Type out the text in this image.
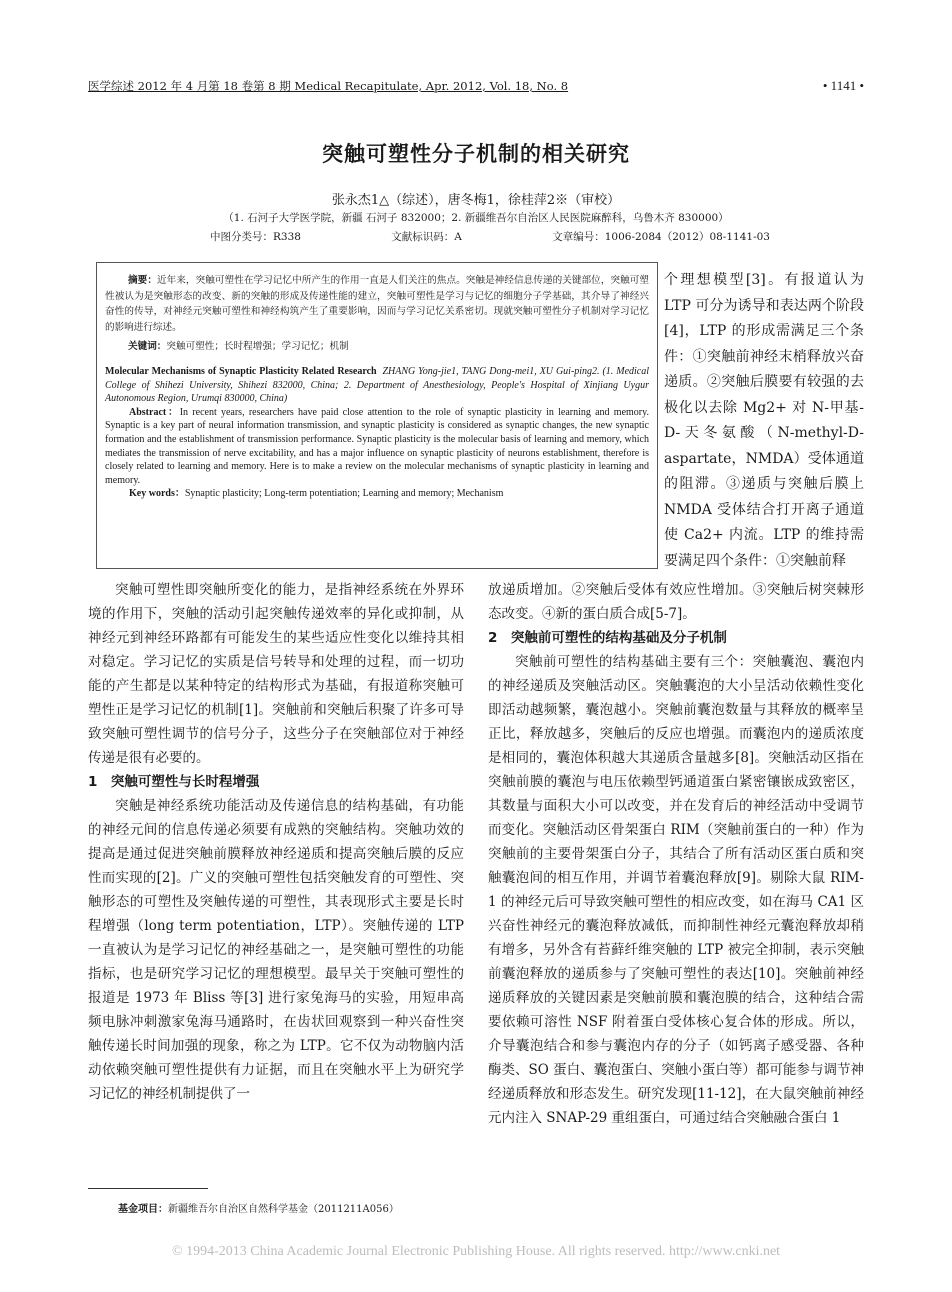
医学综述 2012 年 4 月第 18 卷第 8 期 Medical Recapitulate, Apr. 2012, Vol. 18, No. 8	• 1141 •
突触可塑性分子机制的相关研究
张永杰1△（综述），唐冬梅1，徐桂萍2※（审校）
（1. 石河子大学医学院，新疆 石河子 832000；2. 新疆维吾尔自治区人民医院麻醉科，乌鲁木齐 830000）
中图分类号：R338	文献标识码：A	文章编号：1006-2084（2012）08-1141-03

摘要：近年来，突触可塑性在学习记忆中所产生的作用一直是人们关注的焦点。突触是神经信息传递的关键部位，突触可塑性被认为是突触形态的改变、新的突触的形成及传递性能的建立，突触可塑性是学习与记忆的细胞分子学基础，其介导了神经兴奋性的传导，对神经元突触可塑性和神经构筑产生了重要影响，因而与学习记忆关系密切。现就突触可塑性分子机制对学习记忆的影响进行综述。

关键词：突触可塑性；长时程增强；学习记忆；机制

Molecular Mechanisms of Synaptic Plasticity Related Research ZHANG Yong-jie1, TANG Dong-mei1, XU Gui-ping2. (1. Medical College of Shihezi University, Shihezi 832000, China; 2. Department of Anesthesiology, People's Hospital of Xinjiang Uygur Autonomous Region, Urumqi 830000, China)

Abstract：In recent years, researchers have paid close attention to the role of synaptic plasticity in learning and memory. Synaptic is a key part of neural information transmission, and synaptic plasticity is considered as synaptic changes, the new synaptic formation and the establishment of transmission performance. Synaptic plasticity is the molecular basis of learning and memory, which mediates the transmission of nerve excitability, and has a major influence on synaptic plasticity of neurons establishment, therefore is closely related to learning and memory. Here is to make a review on the molecular mechanisms of synaptic plasticity in learning and memory.

Key words：Synaptic plasticity; Long-term potentiation; Learning and memory; Mechanism

个理想模型[3]。有报道认为 LTP 可分为诱导和表达两个阶段[4]，LTP 的形成需满足三个条件：①突触前神经末梢释放兴奋递质。②突触后膜要有较强的去极化以去除 Mg2+ 对 N-甲基-D-天冬氨酸（N-methyl-D-aspartate，NMDA）受体通道的阻滞。③递质与突触后膜上 NMDA 受体结合打开离子通道使 Ca2+ 内流。LTP 的维持需要满足四个条件：①突触前释

突触可塑性即突触所变化的能力，是指神经系统在外界环境的作用下，突触的活动引起突触传递效率的异化或抑制，从神经元到神经环路都有可能发生的某些适应性变化以维持其相对稳定。学习记忆的实质是信号转导和处理的过程，而一切功能的产生都是以某种特定的结构形式为基础，有报道称突触可塑性正是学习记忆的机制[1]。突触前和突触后积聚了许多可导致突触可塑性调节的信号分子，这些分子在突触部位对于神经传递是很有必要的。

1　突触可塑性与长时程增强

突触是神经系统功能活动及传递信息的结构基础，有功能的神经元间的信息传递必须要有成熟的突触结构。突触功效的提高是通过促进突触前膜释放神经递质和提高突触后膜的反应性而实现的[2]。广义的突触可塑性包括突触发育的可塑性、突触形态的可塑性及突触传递的可塑性，其表现形式主要是长时程增强（long term potentiation，LTP）。突触传递的 LTP 一直被认为是学习记忆的神经基础之一，是突触可塑性的功能指标，也是研究学习记忆的理想模型。最早关于突触可塑性的报道是 1973 年 Bliss 等[3] 进行家兔海马的实验，用短串高频电脉冲刺激家兔海马通路时，在齿状回观察到一种兴奋性突触传递长时间加强的现象，称之为 LTP。它不仅为动物脑内活动依赖突触可塑性提供有力证据，而且在突触水平上为研究学习记忆的神经机制提供了一

放递质增加。②突触后受体有效应性增加。③突触后树突棘形态改变。④新的蛋白质合成[5-7]。

2　突触前可塑性的结构基础及分子机制

突触前可塑性的结构基础主要有三个：突触囊泡、囊泡内的神经递质及突触活动区。突触囊泡的大小呈活动依赖性变化即活动越频繁，囊泡越小。突触前囊泡数量与其释放的概率呈正比，释放越多，突触后的反应也增强。而囊泡内的递质浓度是相同的，囊泡体积越大其递质含量越多[8]。突触活动区指在突触前膜的囊泡与电压依赖型钙通道蛋白紧密镶嵌成致密区，其数量与面积大小可以改变，并在发育后的神经活动中受调节而变化。突触活动区骨架蛋白 RIM（突触前蛋白的一种）作为突触前的主要骨架蛋白分子，其结合了所有活动区蛋白质和突触囊泡间的相互作用，并调节着囊泡释放[9]。剔除大鼠 RIM-1 的神经元后可导致突触可塑性的相应改变，如在海马 CA1 区兴奋性神经元的囊泡释放减低，而抑制性神经元囊泡释放却稍有增多，另外含有苔藓纤维突触的 LTP 被完全抑制，表示突触前囊泡释放的递质参与了突触可塑性的表达[10]。突触前神经递质释放的关键因素是突触前膜和囊泡膜的结合，这种结合需要依赖可溶性 NSF 附着蛋白受体核心复合体的形成。所以，介导囊泡结合和参与囊泡内存的分子（如钙离子感受器、各种酶类、SO 蛋白、囊泡蛋白、突触小蛋白等）都可能参与调节神经递质释放和形态发生。研究发现[11-12]，在大鼠突触前神经元内注入 SNAP-29 重组蛋白，可通过结合突触融合蛋白 1

基金项目：新疆维吾尔自治区自然科学基金（2011211A056）
© 1994-2013 China Academic Journal Electronic Publishing House. All rights reserved. http://www.cnki.net
